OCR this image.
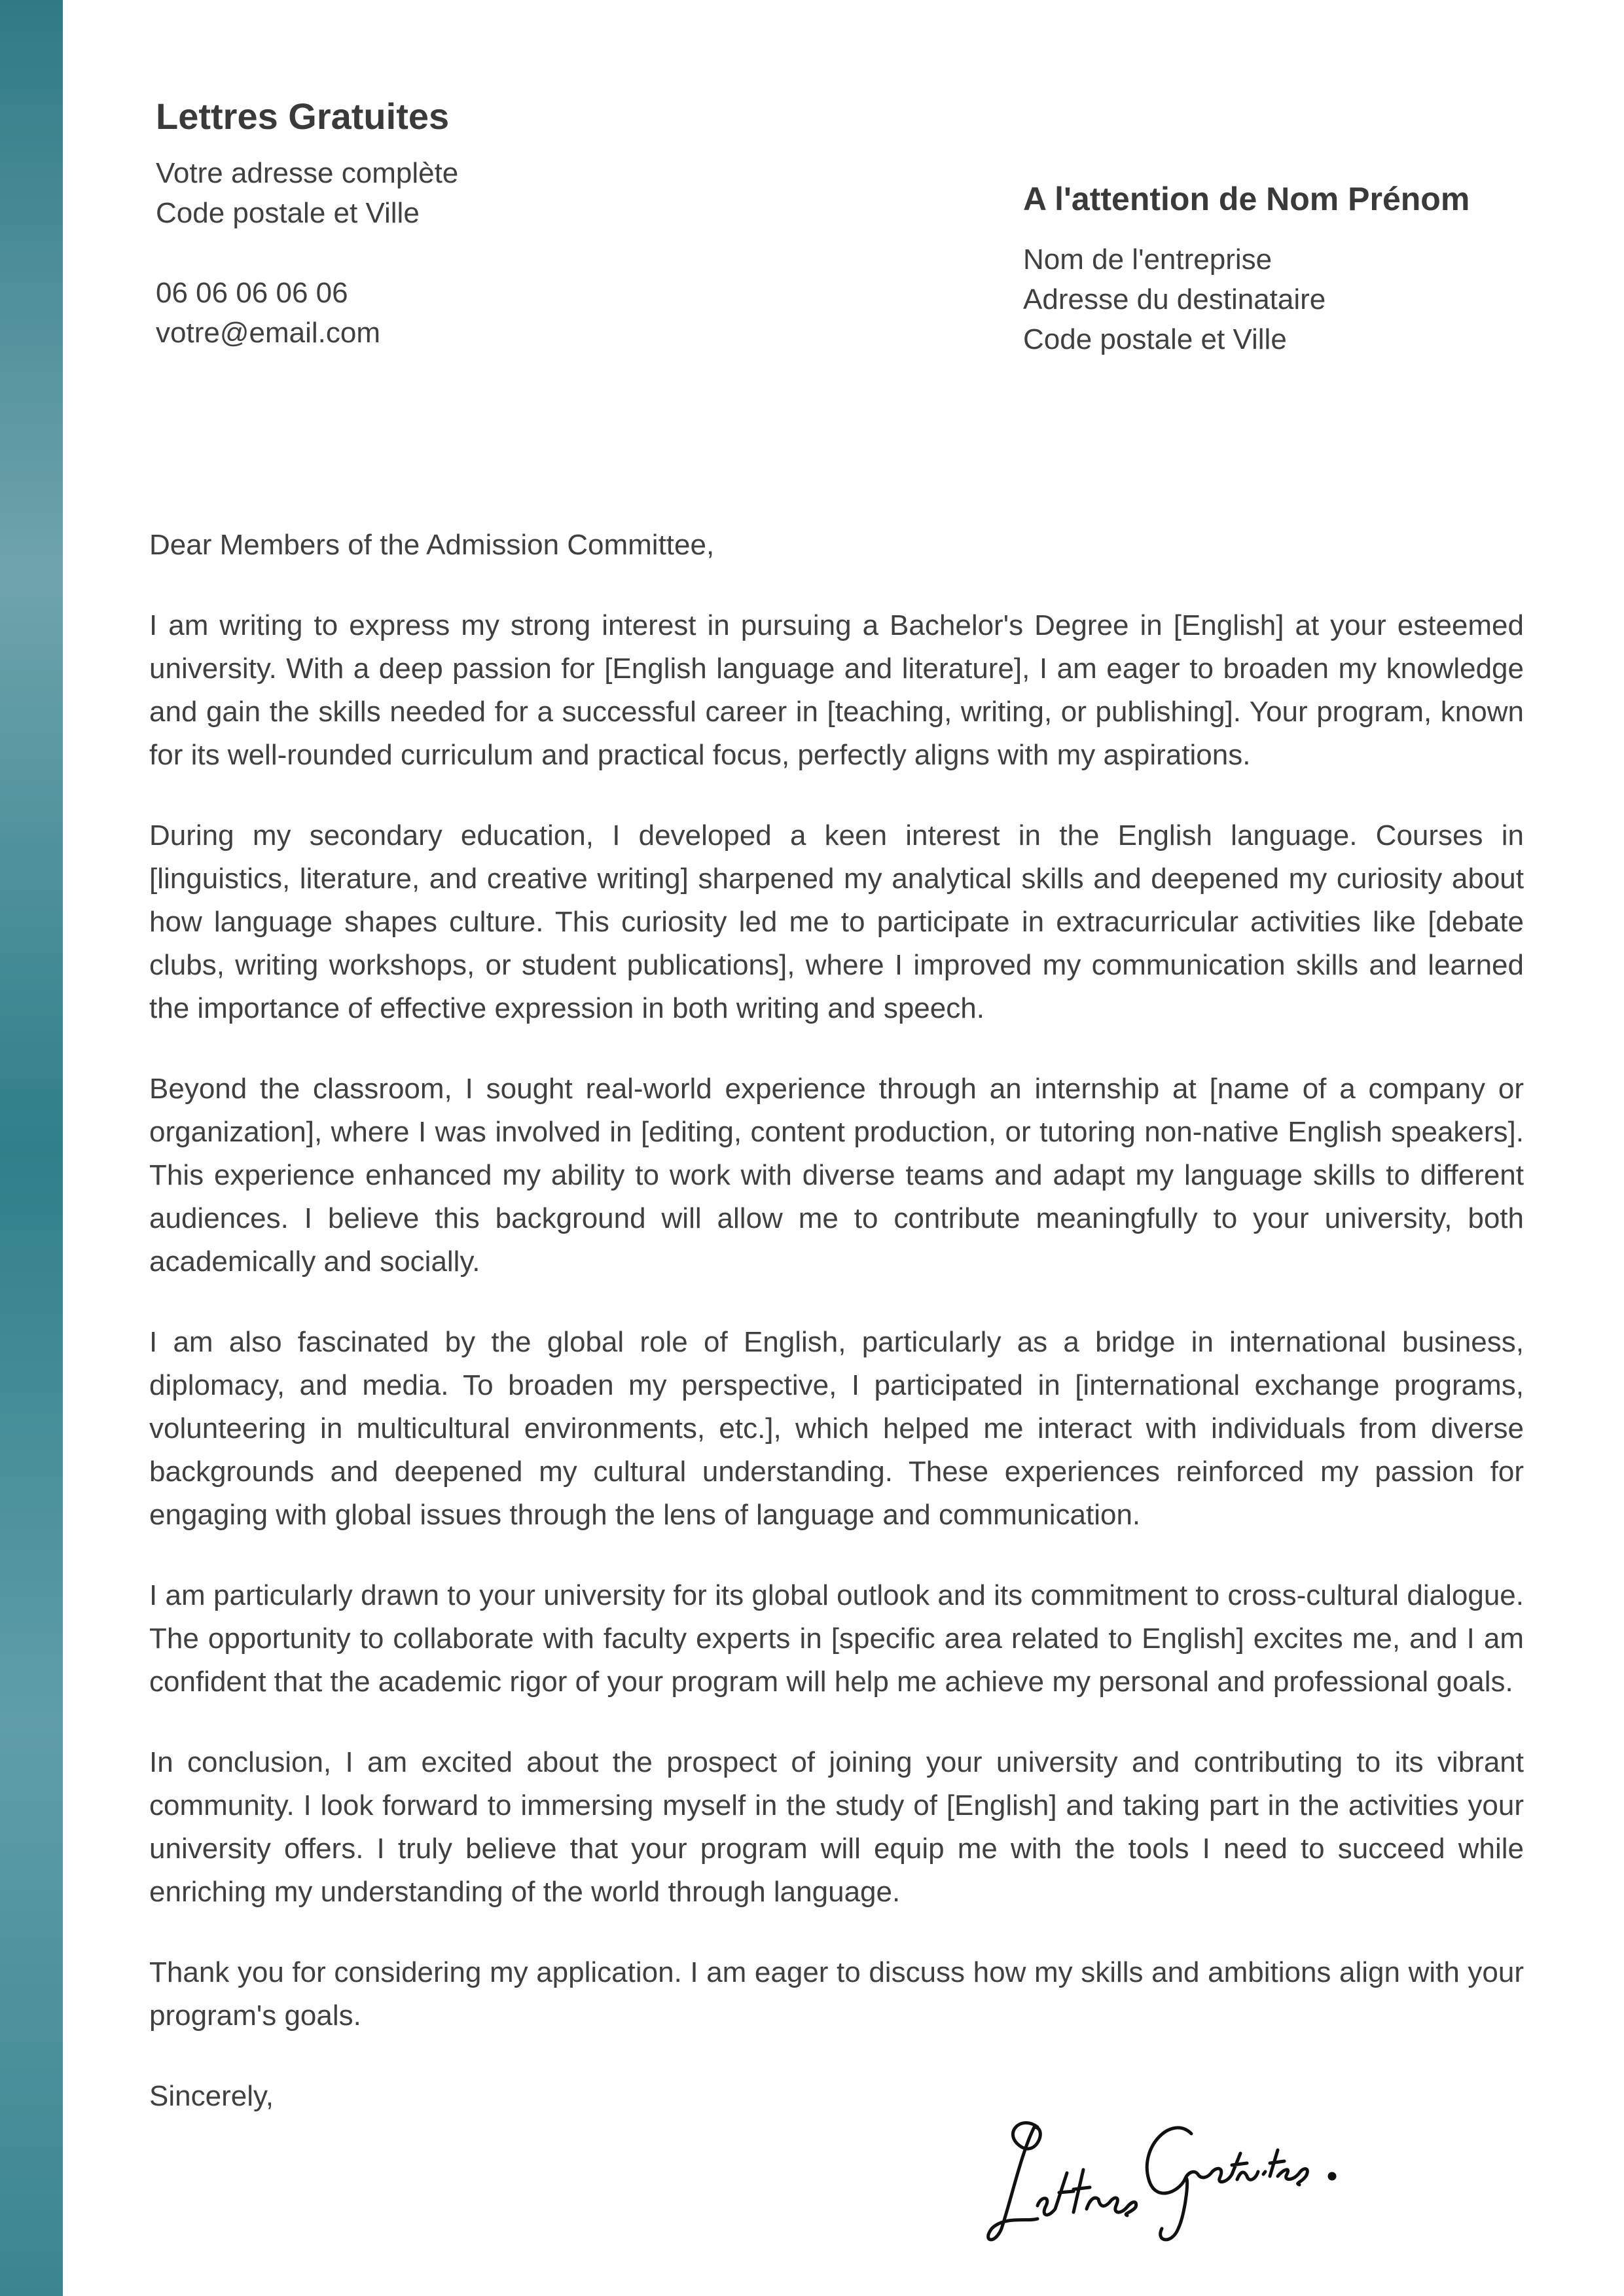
Lettres Gratuites
Votre adresse complète
Code postale et Ville
06 06 06 06 06
votre@email.com
A l'attention de Nom Prénom
Nom de l'entreprise
Adresse du destinataire
Code postale et Ville

Dear Members of the Admission Committee,

I am writing to express my strong interest in pursuing a Bachelor's Degree in [English] at your esteemed university. With a deep passion for [English language and literature], I am eager to broaden my knowledge and gain the skills needed for a successful career in [teaching, writing, or publishing]. Your program, known for its well-rounded curriculum and practical focus, perfectly aligns with my aspirations.

During my secondary education, I developed a keen interest in the English language. Courses in [linguistics, literature, and creative writing] sharpened my analytical skills and deepened my curiosity about how language shapes culture. This curiosity led me to participate in extracurricular activities like [debate clubs, writing workshops, or student publications], where I improved my communication skills and learned the importance of effective expression in both writing and speech.

Beyond the classroom, I sought real-world experience through an internship at [name of a company or organization], where I was involved in [editing, content production, or tutoring non-native English speakers]. This experience enhanced my ability to work with diverse teams and adapt my language skills to different audiences. I believe this background will allow me to contribute meaningfully to your university, both academically and socially.

I am also fascinated by the global role of English, particularly as a bridge in international business, diplomacy, and media. To broaden my perspective, I participated in [international exchange programs, volunteering in multicultural environments, etc.], which helped me interact with individuals from diverse backgrounds and deepened my cultural understanding. These experiences reinforced my passion for engaging with global issues through the lens of language and communication.

I am particularly drawn to your university for its global outlook and its commitment to cross-cultural dialogue. The opportunity to collaborate with faculty experts in [specific area related to English] excites me, and I am confident that the academic rigor of your program will help me achieve my personal and professional goals.

In conclusion, I am excited about the prospect of joining your university and contributing to its vibrant community. I look forward to immersing myself in the study of [English] and taking part in the activities your university offers. I truly believe that your program will equip me with the tools I need to succeed while enriching my understanding of the world through language.

Thank you for considering my application. I am eager to discuss how my skills and ambitions align with your program's goals.

Sincerely,
